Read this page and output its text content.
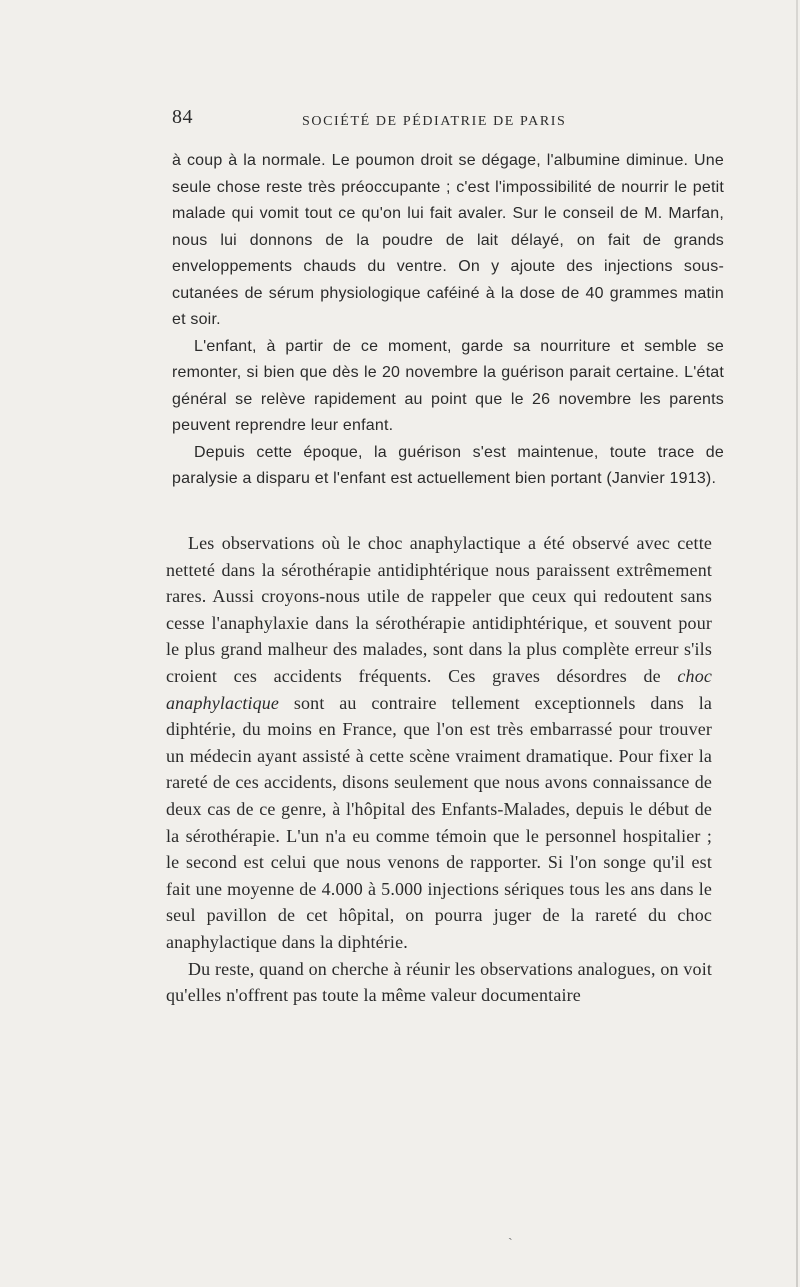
84	SOCIÉTÉ DE PÉDIATRIE DE PARIS

à coup à la normale. Le poumon droit se dégage, l'albumine diminue. Une seule chose reste très préoccupante ; c'est l'impossibilité de nourrir le petit malade qui vomit tout ce qu'on lui fait avaler. Sur le conseil de M. Marfan, nous lui donnons de la poudre de lait délayé, on fait de grands enveloppements chauds du ventre. On y ajoute des injections sous-cutanées de sérum physiologique caféiné à la dose de 40 grammes matin et soir.

L'enfant, à partir de ce moment, garde sa nourriture et semble se remonter, si bien que dès le 20 novembre la guérison parait certaine. L'état général se relève rapidement au point que le 26 novembre les parents peuvent reprendre leur enfant.

Depuis cette époque, la guérison s'est maintenue, toute trace de paralysie a disparu et l'enfant est actuellement bien portant (Janvier 1913).

Les observations où le choc anaphylactique a été observé avec cette netteté dans la sérothérapie antidiphtérique nous paraissent extrêmement rares. Aussi croyons-nous utile de rappeler que ceux qui redoutent sans cesse l'anaphylaxie dans la sérothérapie antidiphtérique, et souvent pour le plus grand malheur des malades, sont dans la plus complète erreur s'ils croient ces accidents fréquents. Ces graves désordres de choc anaphylactique sont au contraire tellement exceptionnels dans la diphtérie, du moins en France, que l'on est très embarrassé pour trouver un médecin ayant assisté à cette scène vraiment dramatique. Pour fixer la rareté de ces accidents, disons seulement que nous avons connaissance de deux cas de ce genre, à l'hôpital des Enfants-Malades, depuis le début de la sérothérapie. L'un n'a eu comme témoin que le personnel hospitalier ; le second est celui que nous venons de rapporter. Si l'on songe qu'il est fait une moyenne de 4.000 à 5.000 injections sériques tous les ans dans le seul pavillon de cet hôpital, on pourra juger de la rareté du choc anaphylactique dans la diphtérie.

Du reste, quand on cherche à réunir les observations analogues, on voit qu'elles n'offrent pas toute la même valeur documentaire

ˏ
